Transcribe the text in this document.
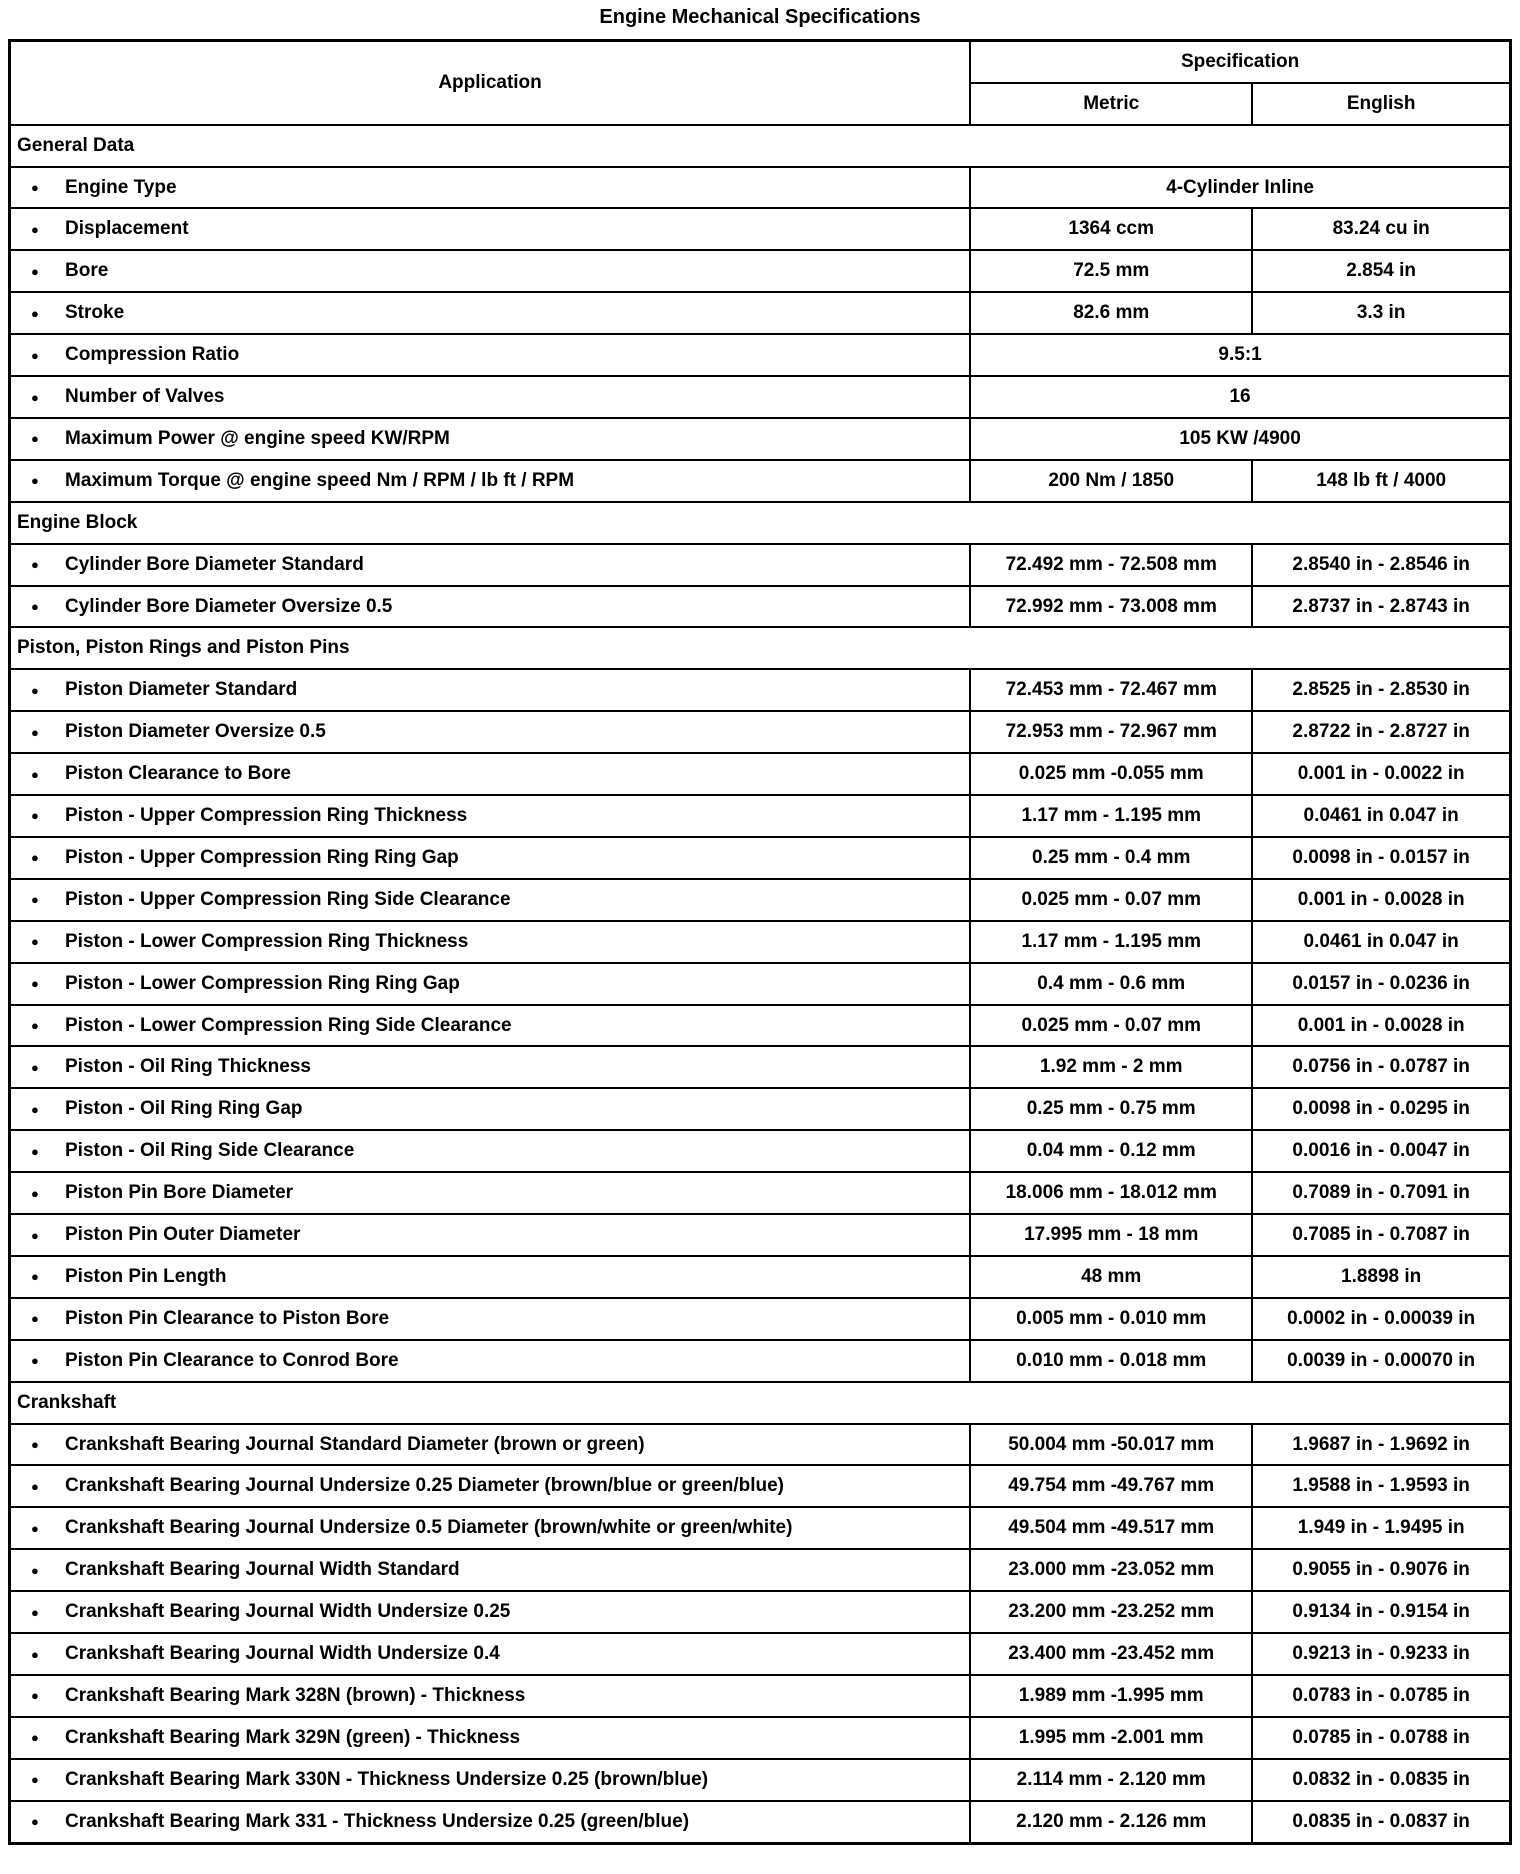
Engine Mechanical Specifications
Application	Specification	
	Metric	English
General Data		
● Engine Type	4-Cylinder Inline	
● Displacement	1364 ccm	83.24 cu in
● Bore	72.5 mm	2.854 in
● Stroke	82.6 mm	3.3 in
● Compression Ratio	9.5:1	
● Number of Valves	16	
● Maximum Power @ engine speed KW/RPM	105 KW /4900	
● Maximum Torque @ engine speed Nm / RPM / lb ft / RPM	200 Nm / 1850	148 lb ft / 4000
Engine Block		
● Cylinder Bore Diameter Standard	72.492 mm - 72.508 mm	2.8540 in - 2.8546 in
● Cylinder Bore Diameter Oversize 0.5	72.992 mm - 73.008 mm	2.8737 in - 2.8743 in
Piston, Piston Rings and Piston Pins		
● Piston Diameter Standard	72.453 mm - 72.467 mm	2.8525 in - 2.8530 in
● Piston Diameter Oversize 0.5	72.953 mm - 72.967 mm	2.8722 in - 2.8727 in
● Piston Clearance to Bore	0.025 mm -0.055 mm	0.001 in - 0.0022 in
● Piston - Upper Compression Ring Thickness	1.17 mm - 1.195 mm	0.0461 in 0.047 in
● Piston - Upper Compression Ring Ring Gap	0.25 mm - 0.4 mm	0.0098 in - 0.0157 in
● Piston - Upper Compression Ring Side Clearance	0.025 mm - 0.07 mm	0.001 in - 0.0028 in
● Piston - Lower Compression Ring Thickness	1.17 mm - 1.195 mm	0.0461 in 0.047 in
● Piston - Lower Compression Ring Ring Gap	0.4 mm - 0.6 mm	0.0157 in - 0.0236 in
● Piston - Lower Compression Ring Side Clearance	0.025 mm - 0.07 mm	0.001 in - 0.0028 in
● Piston - Oil Ring Thickness	1.92 mm - 2 mm	0.0756 in - 0.0787 in
● Piston - Oil Ring Ring Gap	0.25 mm - 0.75 mm	0.0098 in - 0.0295 in
● Piston - Oil Ring Side Clearance	0.04 mm - 0.12 mm	0.0016 in - 0.0047 in
● Piston Pin Bore Diameter	18.006 mm - 18.012 mm	0.7089 in - 0.7091 in
● Piston Pin Outer Diameter	17.995 mm - 18 mm	0.7085 in - 0.7087 in
● Piston Pin Length	48 mm	1.8898 in
● Piston Pin Clearance to Piston Bore	0.005 mm - 0.010 mm	0.0002 in - 0.00039 in
● Piston Pin Clearance to Conrod Bore	0.010 mm - 0.018 mm	0.0039 in - 0.00070 in
Crankshaft		
● Crankshaft Bearing Journal Standard Diameter (brown or green)	50.004 mm -50.017 mm	1.9687 in - 1.9692 in
● Crankshaft Bearing Journal Undersize 0.25 Diameter (brown/blue or green/blue)	49.754 mm -49.767 mm	1.9588 in - 1.9593 in
● Crankshaft Bearing Journal Undersize 0.5 Diameter (brown/white or green/white)	49.504 mm -49.517 mm	1.949 in - 1.9495 in
● Crankshaft Bearing Journal Width Standard	23.000 mm -23.052 mm	0.9055 in - 0.9076 in
● Crankshaft Bearing Journal Width Undersize 0.25	23.200 mm -23.252 mm	0.9134 in - 0.9154 in
● Crankshaft Bearing Journal Width Undersize 0.4	23.400 mm -23.452 mm	0.9213 in - 0.9233 in
● Crankshaft Bearing Mark 328N (brown) - Thickness	1.989 mm -1.995 mm	0.0783 in - 0.0785 in
● Crankshaft Bearing Mark 329N (green) - Thickness	1.995 mm -2.001 mm	0.0785 in - 0.0788 in
● Crankshaft Bearing Mark 330N - Thickness Undersize 0.25 (brown/blue)	2.114 mm - 2.120 mm	0.0832 in - 0.0835 in
● Crankshaft Bearing Mark 331 - Thickness Undersize 0.25 (green/blue)	2.120 mm - 2.126 mm	0.0835 in - 0.0837 in
